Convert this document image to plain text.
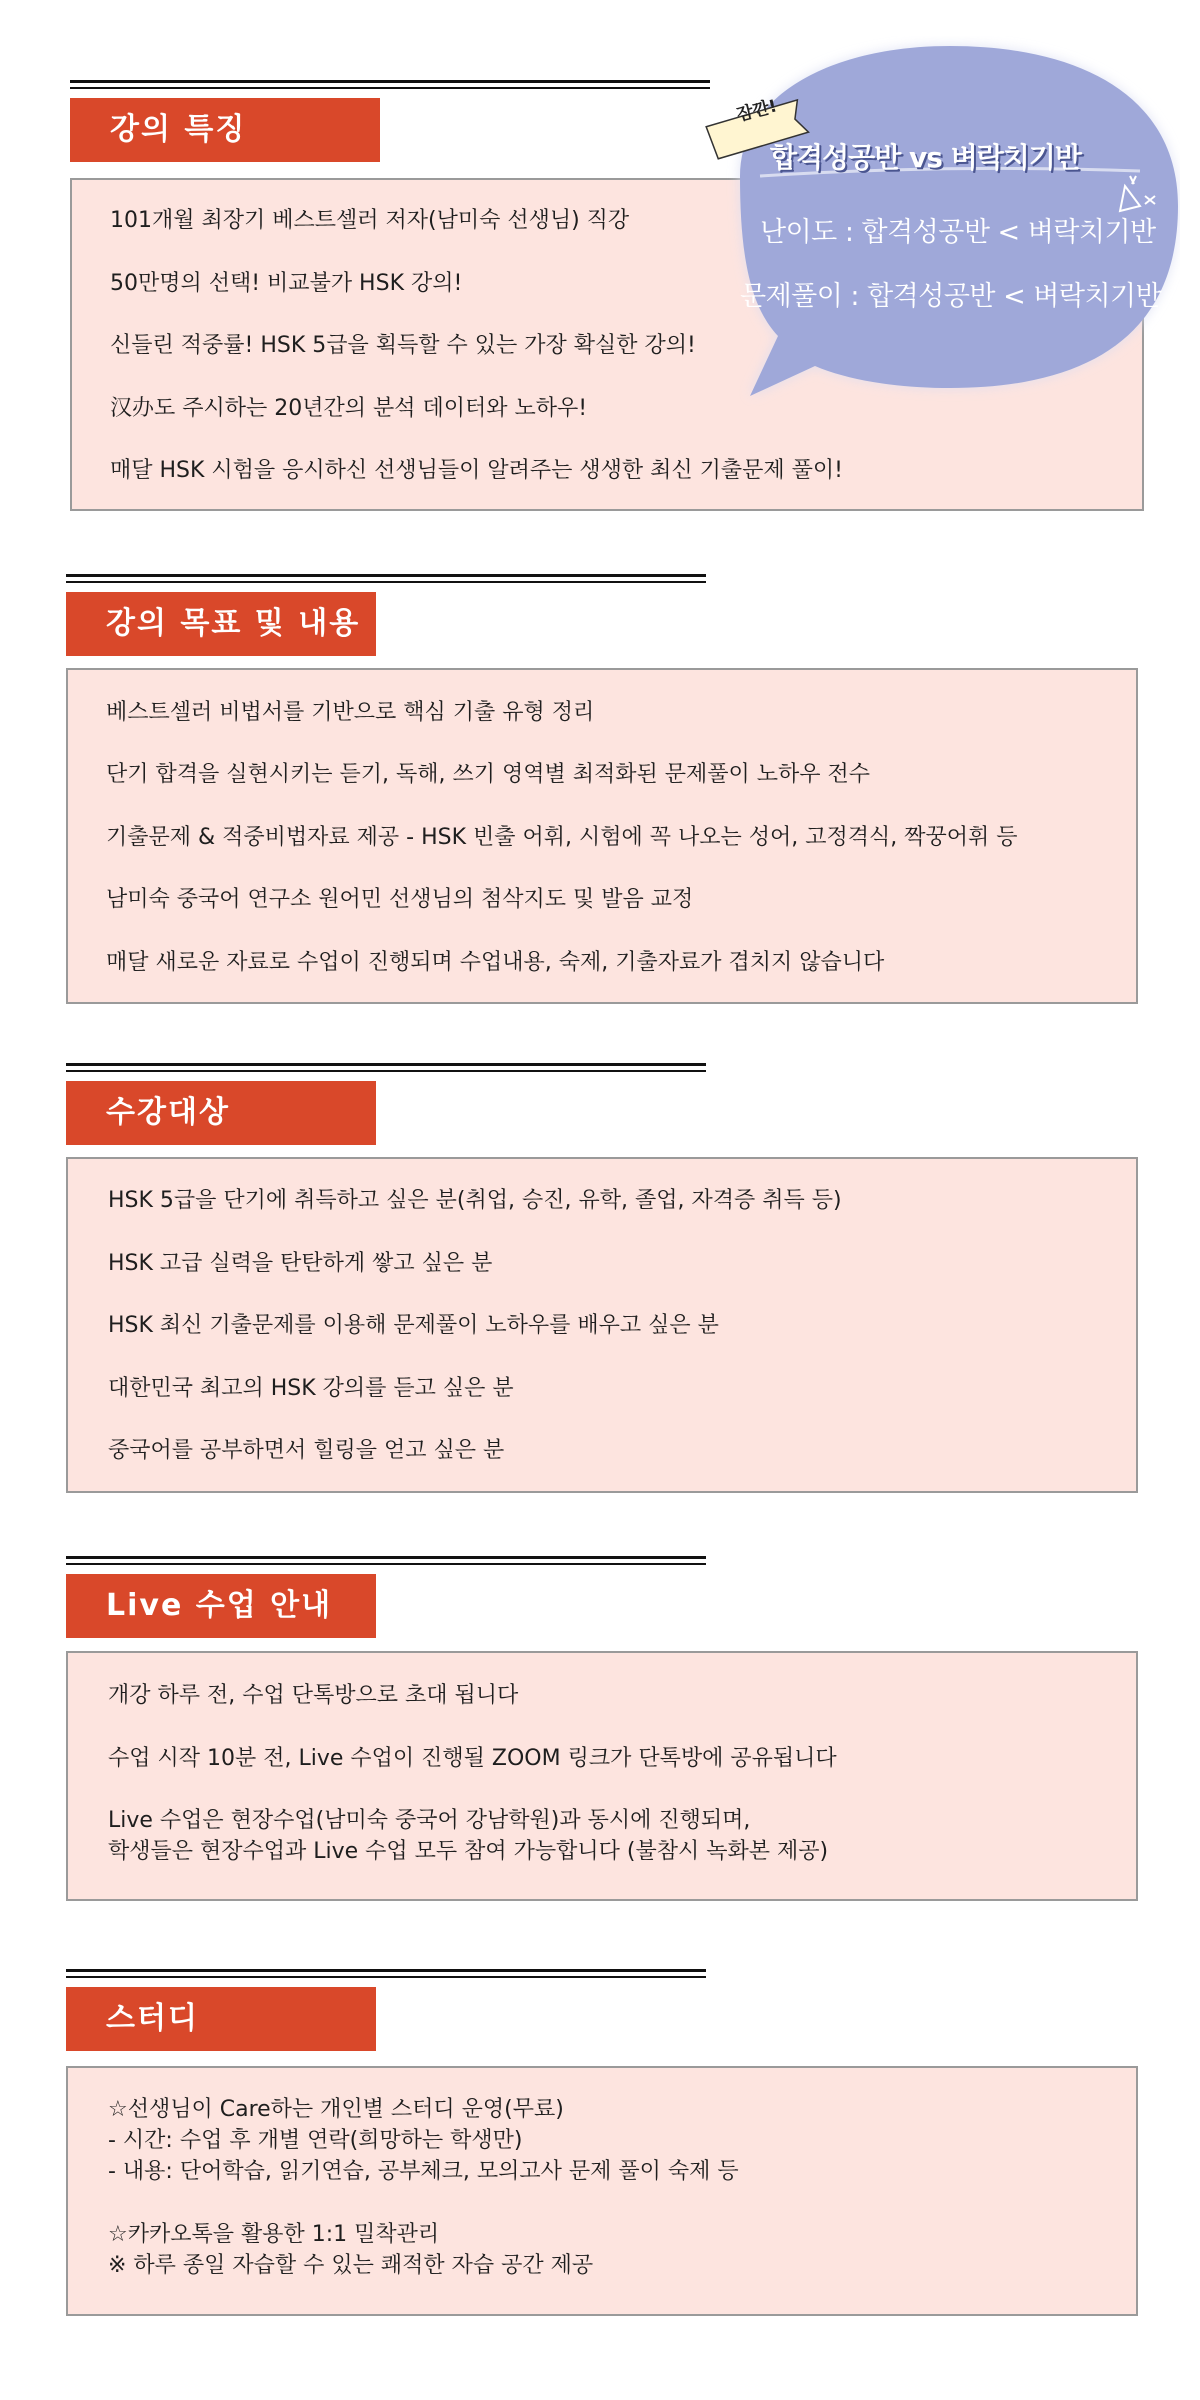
강의 특징

101개월 최장기 베스트셀러 저자(남미숙 선생님) 직강

50만명의 선택! 비교불가 HSK 강의!

신들린 적중률! HSK 5급을 획득할 수 있는 가장 확실한 강의!

汉办도 주시하는 20년간의 분석 데이터와 노하우!

매달 HSK 시험을 응시하신 선생님들이 알려주는 생생한 최신 기출문제 풀이!

잠깐!
합격성공반 vs 벼락치기반
난이도 : 합격성공반 < 벼락치기반
문제풀이 : 합격성공반 < 벼락치기반
강의 목표 및 내용

베스트셀러 비법서를 기반으로 핵심 기출 유형 정리

단기 합격을 실현시키는 듣기, 독해, 쓰기 영역별 최적화된 문제풀이 노하우 전수

기출문제 & 적중비법자료 제공 - HSK 빈출 어휘, 시험에 꼭 나오는 성어, 고정격식, 짝꿍어휘 등

남미숙 중국어 연구소 원어민 선생님의 첨삭지도 및 발음 교정

매달 새로운 자료로 수업이 진행되며 수업내용, 숙제, 기출자료가 겹치지 않습니다

수강대상

HSK 5급을 단기에 취득하고 싶은 분(취업, 승진, 유학, 졸업, 자격증 취득 등)

HSK 고급 실력을 탄탄하게 쌓고 싶은 분

HSK 최신 기출문제를 이용해 문제풀이 노하우를 배우고 싶은 분

대한민국 최고의 HSK 강의를 듣고 싶은 분

중국어를 공부하면서 힐링을 얻고 싶은 분

Live 수업 안내

개강 하루 전, 수업 단톡방으로 초대 됩니다

수업 시작 10분 전, Live 수업이 진행될 ZOOM 링크가 단톡방에 공유됩니다

Live 수업은 현장수업(남미숙 중국어 강남학원)과 동시에 진행되며,

학생들은 현장수업과 Live 수업 모두 참여 가능합니다 (불참시 녹화본 제공)

스터디

☆선생님이 Care하는 개인별 스터디 운영(무료)

- 시간: 수업 후 개별 연락(희망하는 학생만)

- 내용: 단어학습, 읽기연습, 공부체크, 모의고사 문제 풀이 숙제 등

☆카카오톡을 활용한 1:1 밀착관리

※ 하루 종일 자습할 수 있는 쾌적한 자습 공간 제공
